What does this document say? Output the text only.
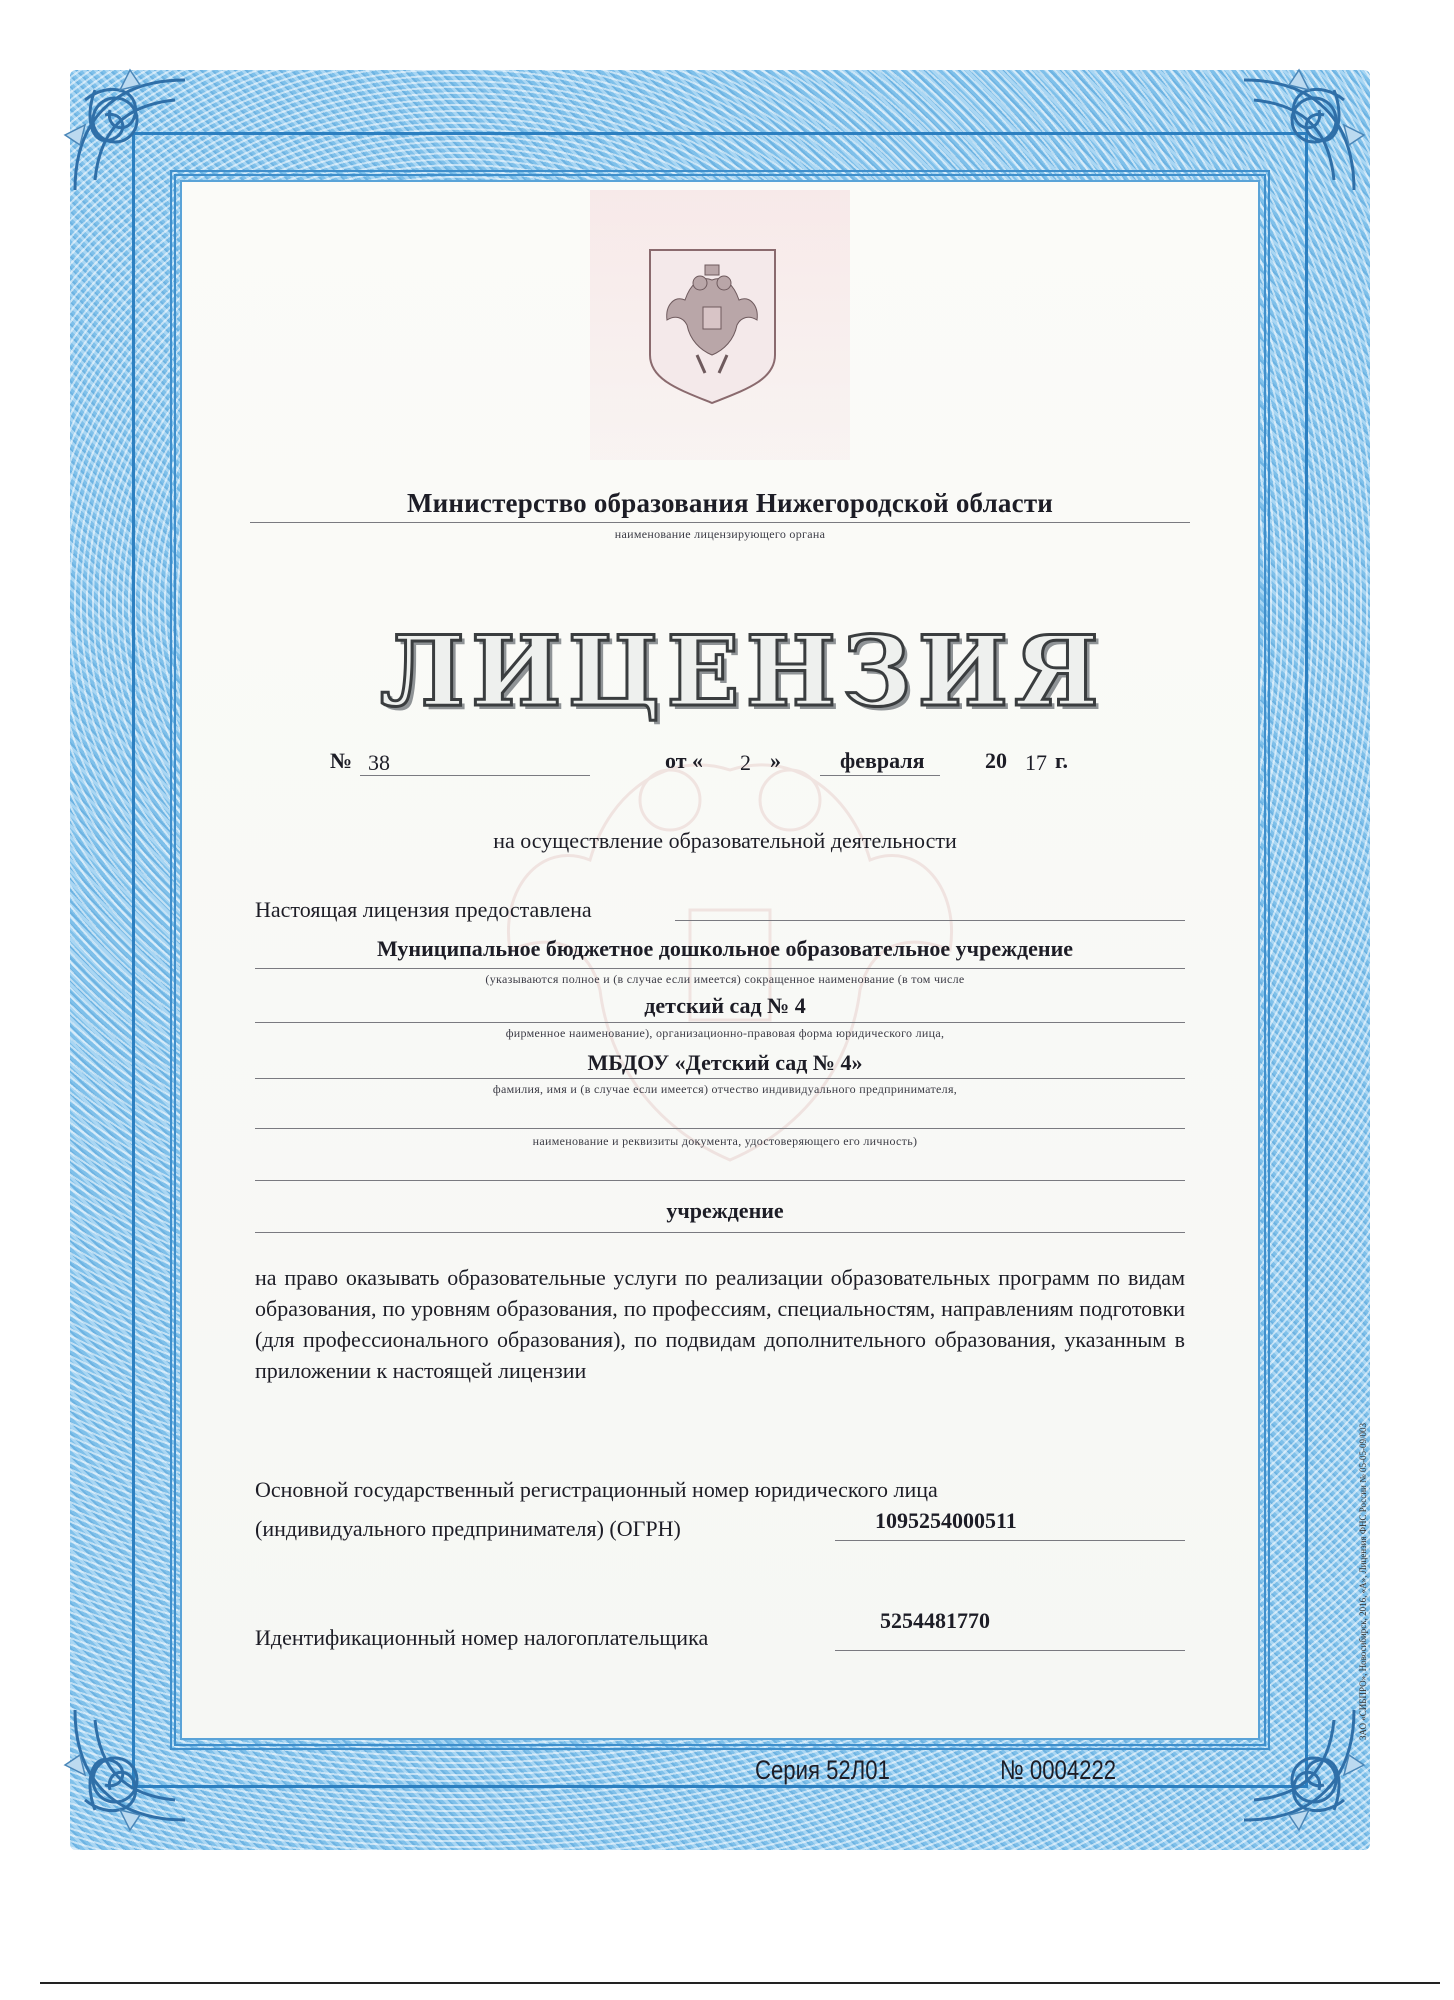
Министерство образования Нижегородской области
наименование лицензирующего органа
ЛИЦЕНЗИЯ
№ 38	от « 2 »	февраля	20 17 г.
на осуществление образовательной деятельности
Настоящая лицензия предоставлена
Муниципальное бюджетное дошкольное образовательное учреждение
(указываются полное и (в случае если имеется) сокращенное наименование (в том числе
детский сад № 4
фирменное наименование), организационно-правовая форма юридического лица,
МБДОУ «Детский сад № 4»
фамилия, имя и (в случае если имеется) отчество индивидуального предпринимателя,
наименование и реквизиты документа, удостоверяющего его личность)
учреждение
на право оказывать образовательные услуги по реализации образовательных программ по видам образования, по уровням образования, по профессиям, специальностям, направлениям подготовки (для профессионального образования), по подвидам дополнительного образования, указанным в приложении к настоящей лицензии
Основной государственный регистрационный номер юридического лица
(индивидуального предпринимателя) (ОГРН)	1095254000511
Идентификационный номер налогоплательщика
5254481770
Серия 52Л01	№ 0004222
ЗАО «СИБПРО», Новосибирск, 2016, «А», Лицензия ФНС России № 05-05-09/003
